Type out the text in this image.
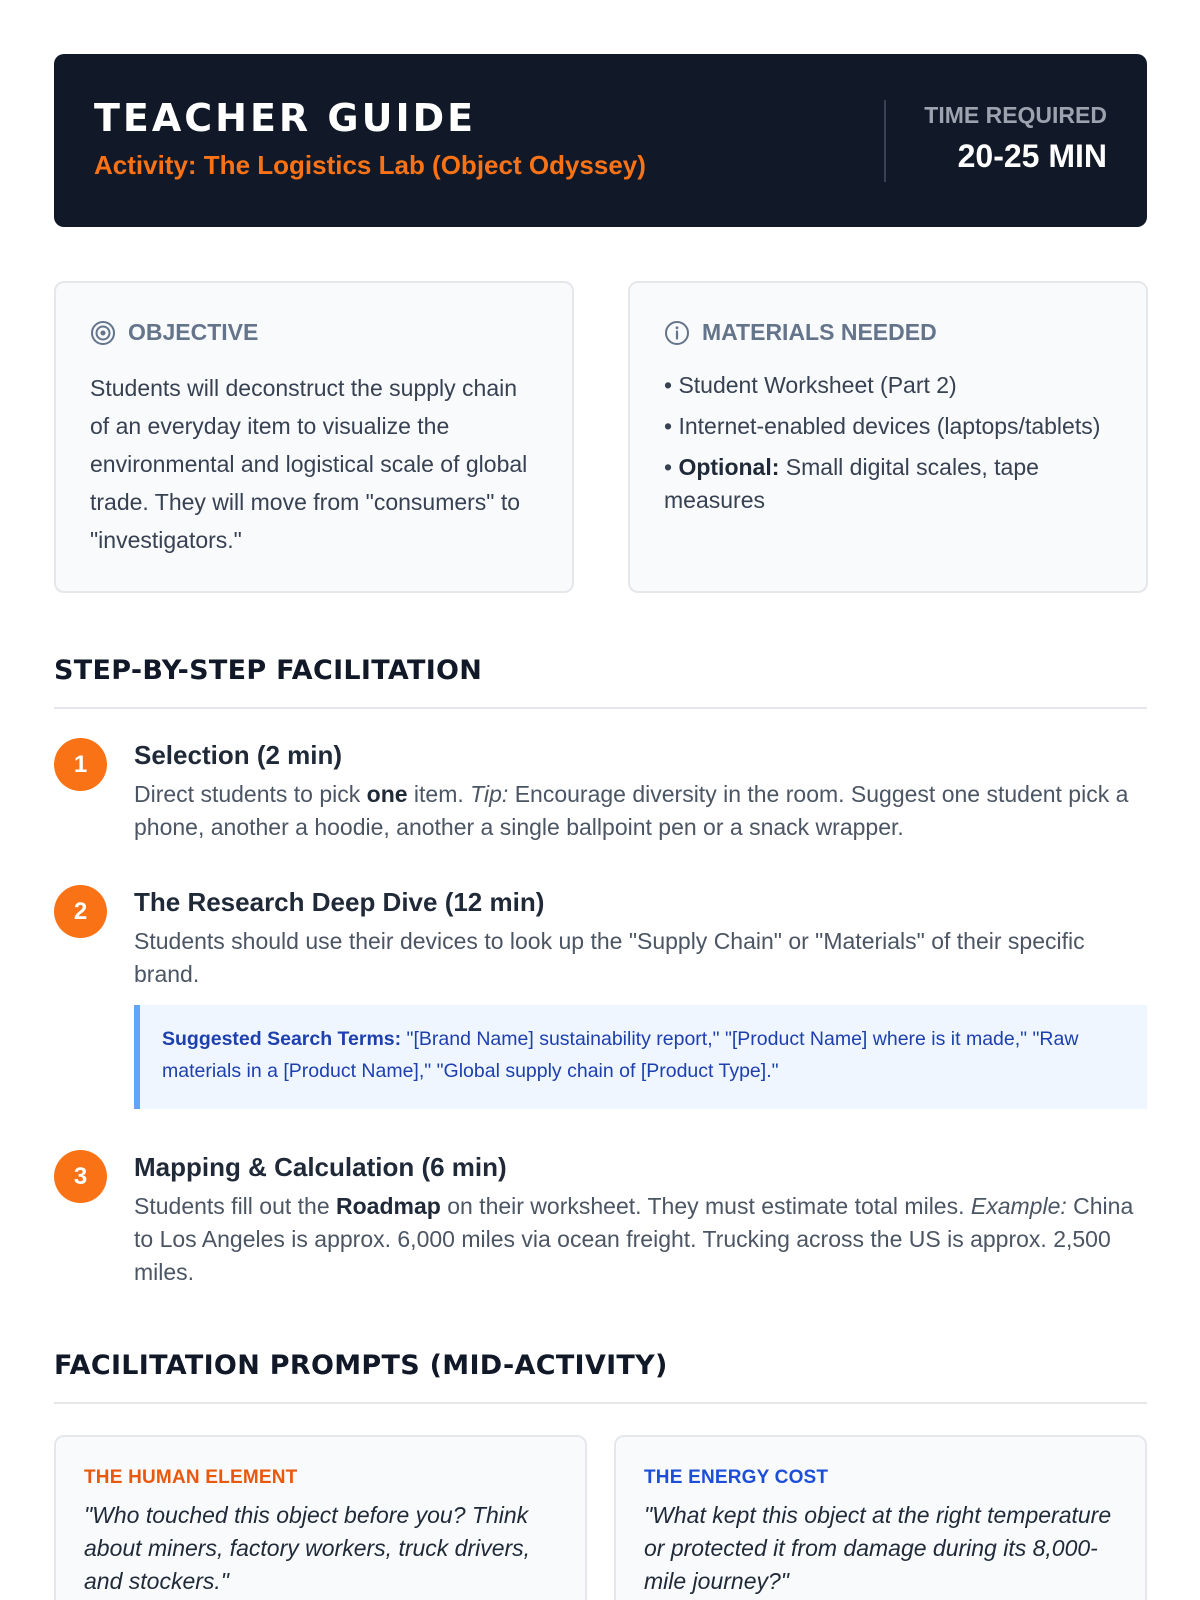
TEACHER GUIDE
Activity: The Logistics Lab (Object Odyssey)
TIME REQUIRED
20-25 MIN
OBJECTIVE
Students will deconstruct the supply chain of an everyday item to visualize the environmental and logistical scale of global trade. They will move from "consumers" to "investigators."
MATERIALS NEEDED
• Student Worksheet (Part 2)
• Internet-enabled devices (laptops/tablets)
• Optional: Small digital scales, tape measures
STEP-BY-STEP FACILITATION
1	Selection (2 min)
Direct students to pick one item. Tip: Encourage diversity in the room. Suggest one student pick a phone, another a hoodie, another a single ballpoint pen or a snack wrapper.
2	The Research Deep Dive (12 min)
Students should use their devices to look up the "Supply Chain" or "Materials" of their specific brand.
Suggested Search Terms: "[Brand Name] sustainability report," "[Product Name] where is it made," "Raw materials in a [Product Name]," "Global supply chain of [Product Type]."
3	Mapping & Calculation (6 min)
Students fill out the Roadmap on their worksheet. They must estimate total miles. Example: China to Los Angeles is approx. 6,000 miles via ocean freight. Trucking across the US is approx. 2,500 miles.
FACILITATION PROMPTS (MID-ACTIVITY)
THE HUMAN ELEMENT
"Who touched this object before you? Think about miners, factory workers, truck drivers, and stockers."
THE ENERGY COST
"What kept this object at the right temperature or protected it from damage during its 8,000-mile journey?"
